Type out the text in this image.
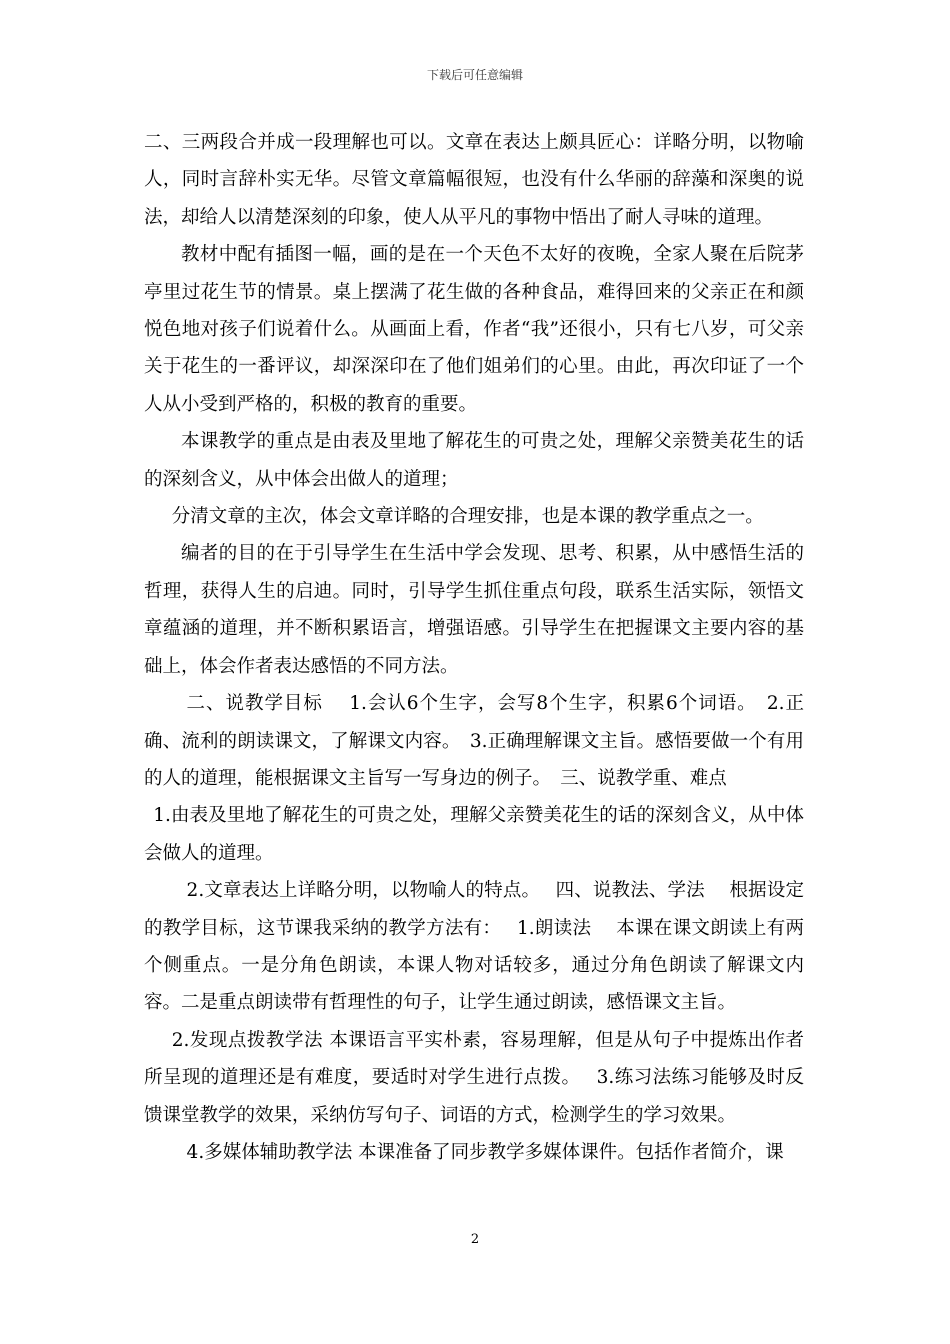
下载后可任意编辑

二、三两段合并成一段理解也可以。文章在表达上颇具匠心：详略分明，以物喻人，同时言辞朴实无华。尽管文章篇幅很短，也没有什么华丽的辞藻和深奥的说法，却给人以清楚深刻的印象，使人从平凡的事物中悟出了耐人寻味的道理。

教材中配有插图一幅，画的是在一个天色不太好的夜晚，全家人聚在后院茅亭里过花生节的情景。桌上摆满了花生做的各种食品，难得回来的父亲正在和颜悦色地对孩子们说着什么。从画面上看，作者“我”还很小，只有七八岁，可父亲关于花生的一番评议，却深深印在了他们姐弟们的心里。由此，再次印证了一个人从小受到严格的，积极的教育的重要。

本课教学的重点是由表及里地了解花生的可贵之处，理解父亲赞美花生的话的深刻含义，从中体会出做人的道理；

分清文章的主次，体会文章详略的合理安排，也是本课的教学重点之一。

编者的目的在于引导学生在生活中学会发现、思考、积累，从中感悟生活的哲理，获得人生的启迪。同时，引导学生抓住重点句段，联系生活实际，领悟文章蕴涵的道理，并不断积累语言，增强语感。引导学生在把握课文主要内容的基础上，体会作者表达感悟的不同方法。

二、说教学目标　 1.会认6个生字，会写8个生字，积累6个词语。　2.正确、流利的朗读课文，了解课文内容。　3.正确理解课文主旨。感悟要做一个有用的人的道理，能根据课文主旨写一写身边的例子。　三、说教学重、难点

1.由表及里地了解花生的可贵之处，理解父亲赞美花生的话的深刻含义，从中体会做人的道理。

2.文章表达上详略分明，以物喻人的特点。　 四、说教法、学法　 根据设定的教学目标，这节课我采纳的教学方法有：　 1.朗读法　 本课在课文朗读上有两个侧重点。一是分角色朗读，本课人物对话较多，通过分角色朗读了解课文内容。二是重点朗读带有哲理性的句子，让学生通过朗读，感悟课文主旨。

2.发现点拨教学法 本课语言平实朴素，容易理解，但是从句子中提炼出作者所呈现的道理还是有难度，要适时对学生进行点拨。　 3.练习法练习能够及时反馈课堂教学的效果，采纳仿写句子、词语的方式，检测学生的学习效果。

4.多媒体辅助教学法 本课准备了同步教学多媒体课件。包括作者简介，课

2
